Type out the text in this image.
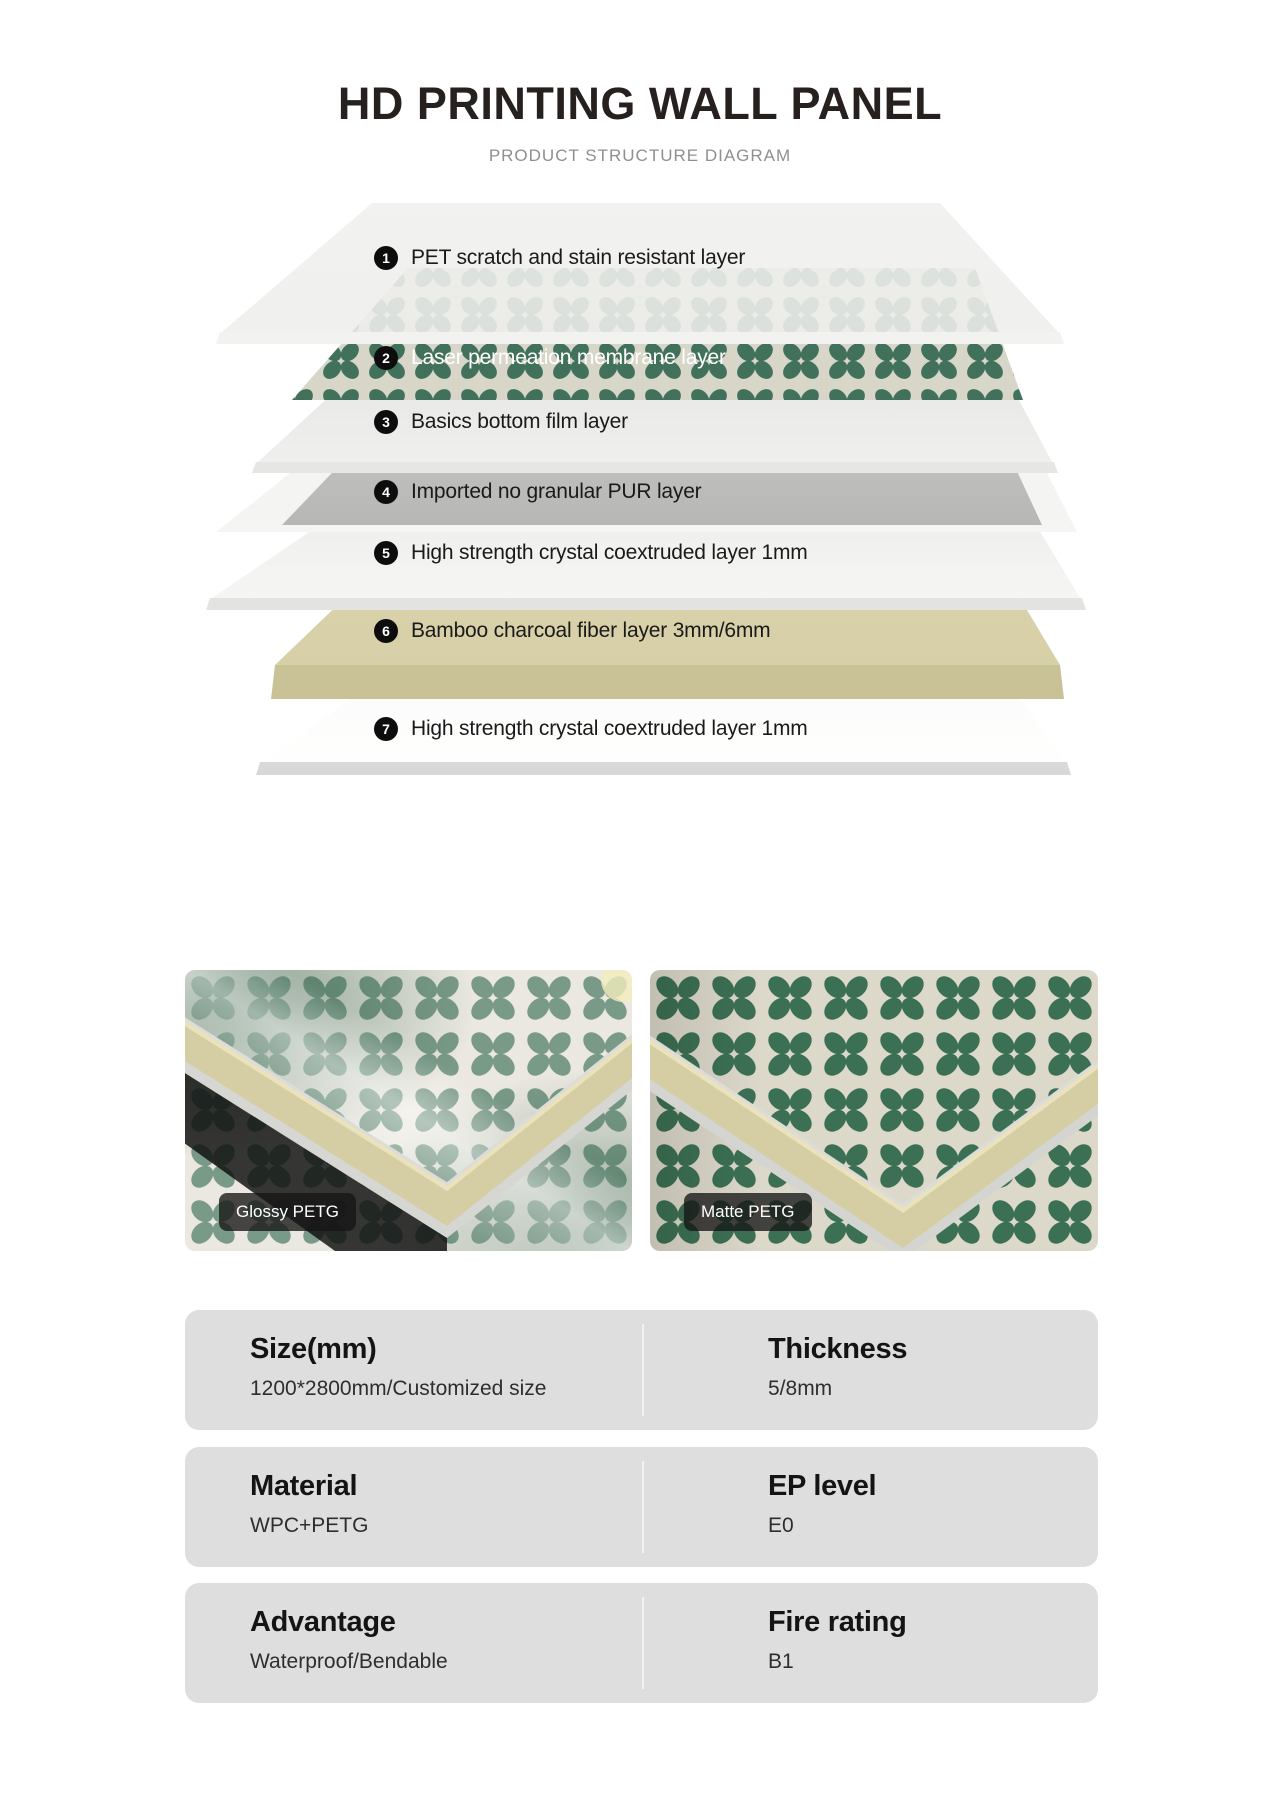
HD PRINTING WALL PANEL
PRODUCT STRUCTURE DIAGRAM
1	PET scratch and stain resistant layer
2	Laser permeation membrane layer
3	Basics bottom film layer
4	Imported no granular PUR layer
5	High strength crystal coextruded layer 1mm
6	Bamboo charcoal fiber layer 3mm/6mm
7	High strength crystal coextruded layer 1mm
Glossy PETG	Matte PETG
Size(mm)
1200*2800mm/Customized size
Thickness
5/8mm
Material
WPC+PETG
EP level
E0
Advantage
Waterproof/Bendable
Fire rating
B1
